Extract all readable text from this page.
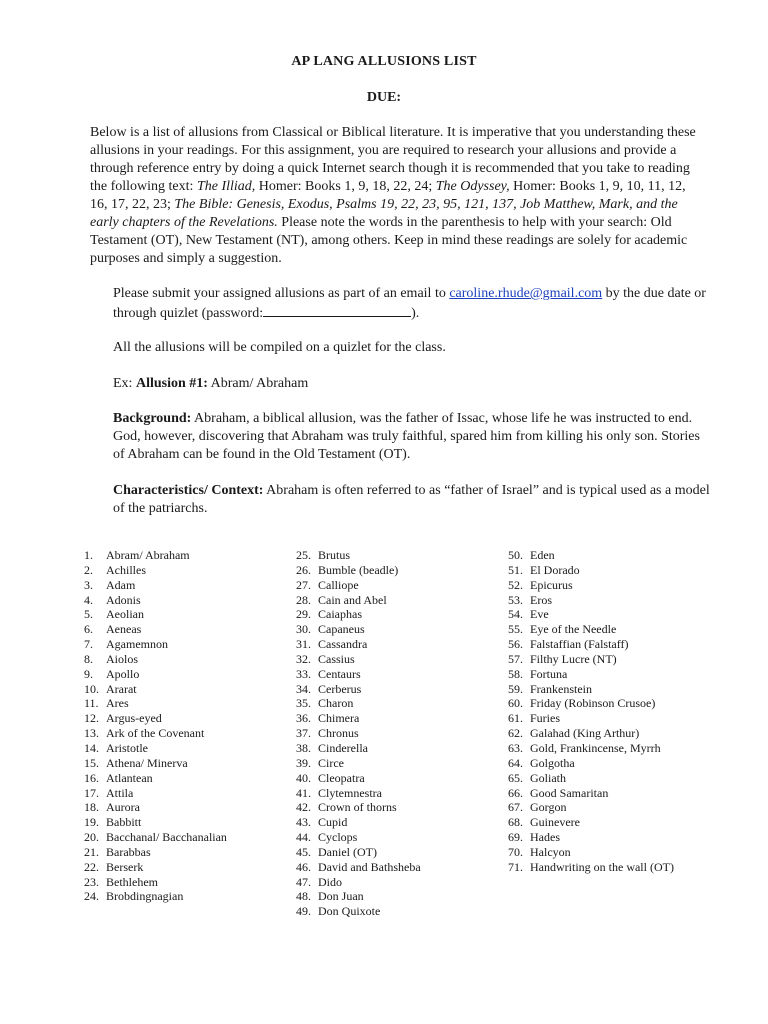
AP LANG ALLUSIONS LIST
DUE:
Below is a list of allusions from Classical or Biblical literature. It is imperative that you understanding these allusions in your readings. For this assignment, you are required to research your allusions and provide a through reference entry by doing a quick Internet search though it is recommended that you take to reading the following text: The Illiad, Homer: Books 1, 9, 18, 22, 24; The Odyssey, Homer: Books 1, 9, 10, 11, 12, 16, 17, 22, 23; The Bible: Genesis, Exodus, Psalms 19, 22, 23, 95, 121, 137, Job Matthew, Mark, and the early chapters of the Revelations. Please note the words in the parenthesis to help with your search: Old Testament (OT), New Testament (NT), among others. Keep in mind these readings are solely for academic purposes and simply a suggestion.
Please submit your assigned allusions as part of an email to caroline.rhude@gmail.com by the due date or through quizlet (password:	).
All the allusions will be compiled on a quizlet for the class.
Ex: Allusion #1: Abram/ Abraham
Background: Abraham, a biblical allusion, was the father of Issac, whose life he was instructed to end. God, however, discovering that Abraham was truly faithful, spared him from killing his only son. Stories of Abraham can be found in the Old Testament (OT).
Characteristics/ Context: Abraham is often referred to as “father of Israel” and is typical used as a model of the patriarchs.
1.	Abram/ Abraham
2.	Achilles
3.	Adam
4.	Adonis
5.	Aeolian
6.	Aeneas
7.	Agamemnon
8.	Aiolos
9.	Apollo
10. Ararat
11. Ares
12. Argus-eyed
13. Ark of the Covenant
14. Aristotle
15. Athena/ Minerva
16. Atlantean
17. Attila
18. Aurora
19. Babbitt
20. Bacchanal/ Bacchanalian
21. Barabbas
22. Berserk
23. Bethlehem
24. Brobdingnagian
25. Brutus
26. Bumble (beadle)
27. Calliope
28. Cain and Abel
29. Caiaphas
30. Capaneus
31. Cassandra
32. Cassius
33. Centaurs
34. Cerberus
35. Charon
36. Chimera
37. Chronus
38. Cinderella
39. Circe
40. Cleopatra
41. Clytemnestra
42. Crown of thorns
43. Cupid
44. Cyclops
45. Daniel (OT)
46. David and Bathsheba
47. Dido
48. Don Juan
49. Don Quixote
50. Eden
51. El Dorado
52. Epicurus
53. Eros
54. Eve
55. Eye of the Needle
56. Falstaffian (Falstaff)
57. Filthy Lucre (NT)
58. Fortuna
59. Frankenstein
60. Friday (Robinson Crusoe)
61. Furies
62. Galahad (King Arthur)
63. Gold, Frankincense, Myrrh
64. Golgotha
65. Goliath
66. Good Samaritan
67. Gorgon
68. Guinevere
69. Hades
70. Halcyon
71. Handwriting on the wall (OT)
